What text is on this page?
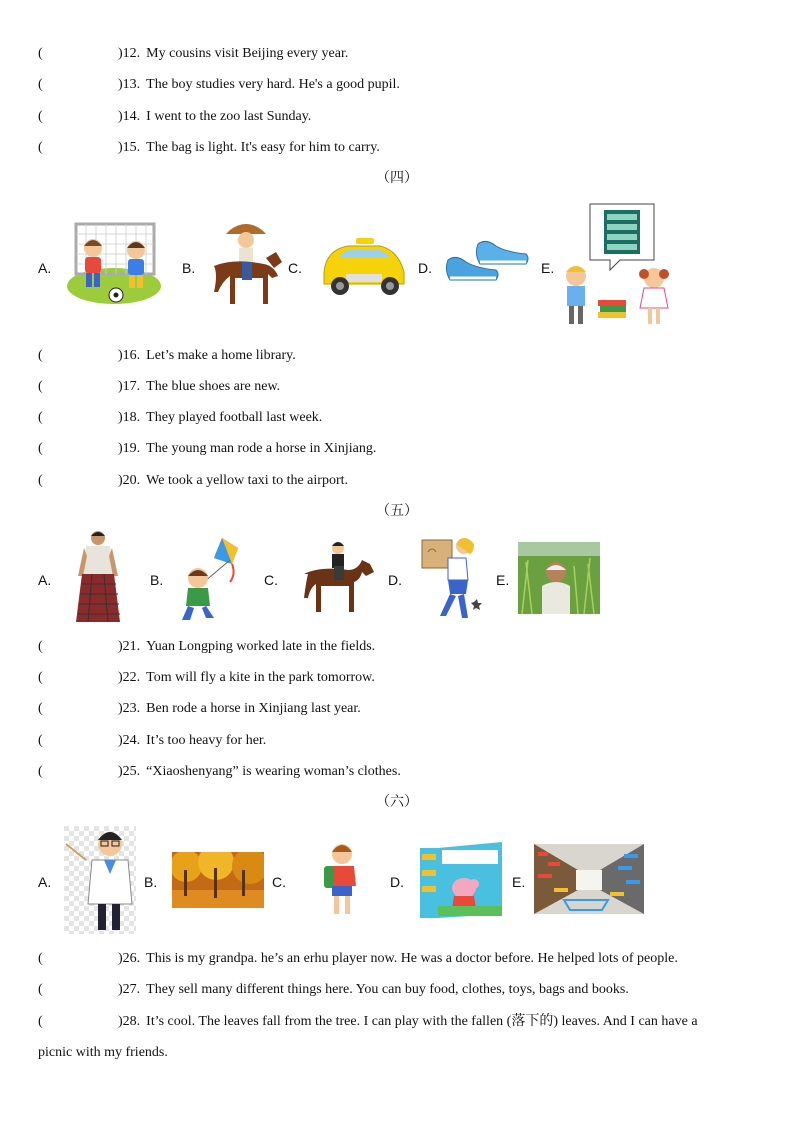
(	)12. My cousins visit Beijing every year.
(	)13. The boy studies very hard. He's a good pupil.
(	)14. I went to the zoo last Sunday.
(	)15. The bag is light. It's easy for him to carry.
（四）
A.	B.	C.	D.	E.
(	)16. Let’s make a home library.
(	)17. The blue shoes are new.
(	)18. They played football last week.
(	)19. The young man rode a horse in Xinjiang.
(	)20. We took a yellow taxi to the airport.
（五）
A.	B.	C.	D.	E.
(	)21. Yuan Longping worked late in the fields.
(	)22. Tom will fly a kite in the park tomorrow.
(	)23. Ben rode a horse in Xinjiang last year.
(	)24. It’s too heavy for her.
(	)25. “Xiaoshenyang” is wearing woman’s clothes.
（六）
A.	B.	C.	D.	E.
(	)26. This is my grandpa. he’s an erhu player now. He was a doctor before. He helped lots of people.
(	)27. They sell many different things here. You can buy food, clothes, toys, bags and books.
(	)28. It’s cool. The leaves fall from the tree. I can play with the fallen (落下的) leaves. And I can have a
picnic with my friends.
